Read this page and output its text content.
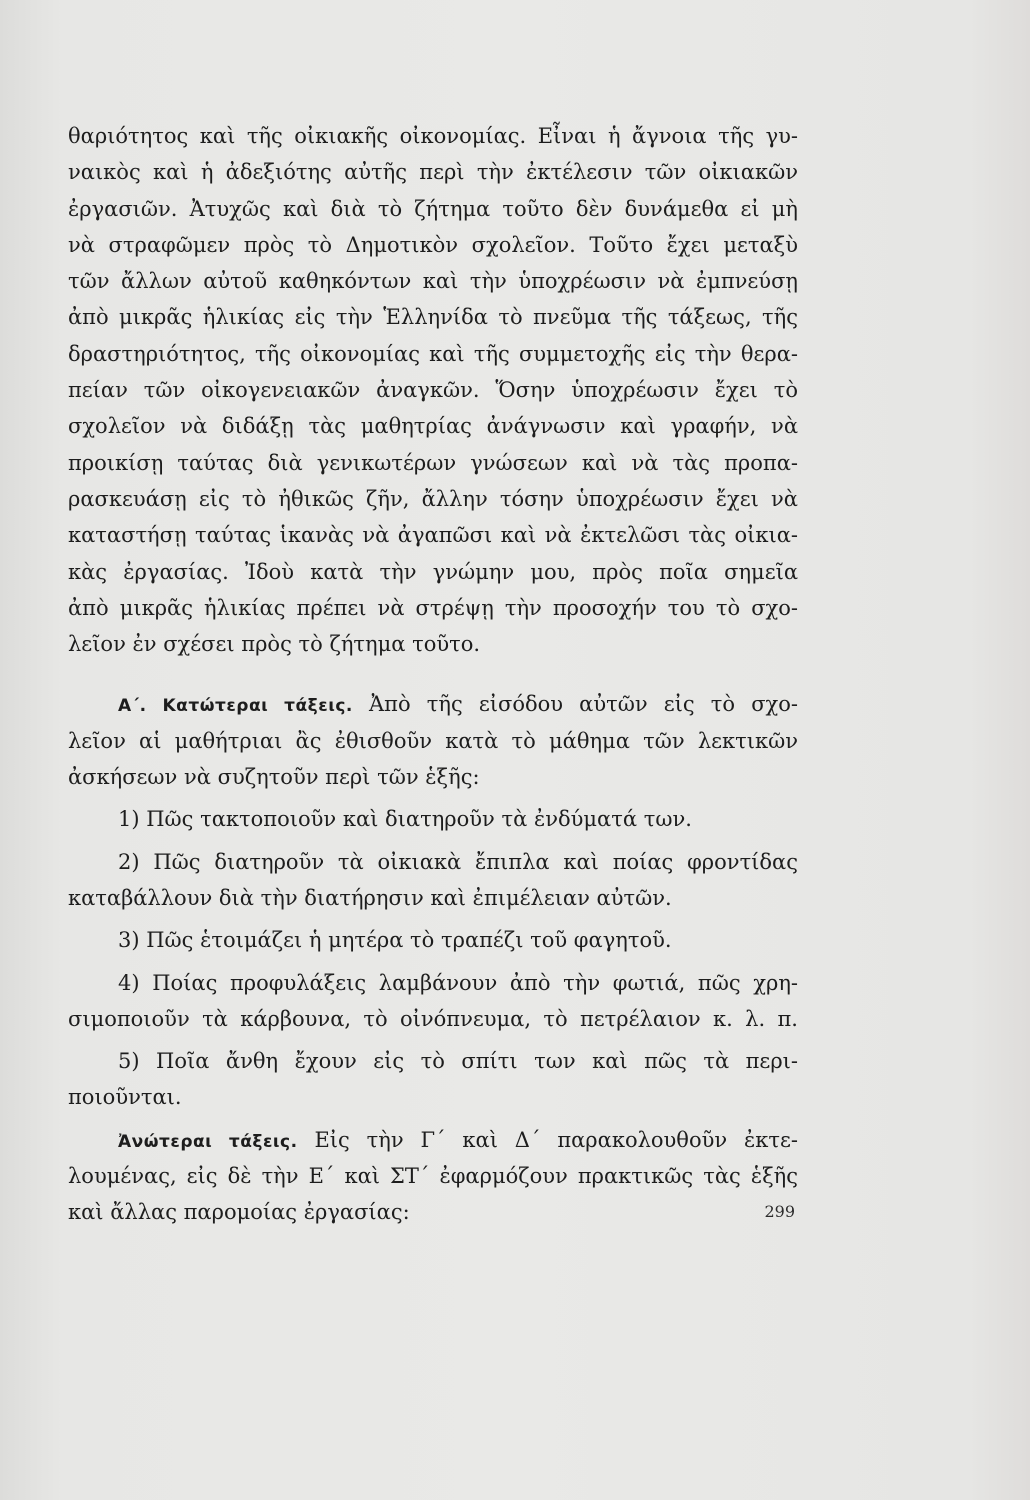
θαριότητος καὶ τῆς οἰκιακῆς οἰκονομίας. Εἶναι ἡ ἄγνοια τῆς γυ-
ναικὸς καὶ ἡ ἀδεξιότης αὐτῆς περὶ τὴν ἐκτέλεσιν τῶν οἰκιακῶν
ἐργασιῶν. Ἀτυχῶς καὶ διὰ τὸ ζήτημα τοῦτο δὲν δυνάμεθα εἰ μὴ
νὰ στραφῶμεν πρὸς τὸ Δημοτικὸν σχολεῖον. Τοῦτο ἔχει μεταξὺ
τῶν ἄλλων αὐτοῦ καθηκόντων καὶ τὴν ὑποχρέωσιν νὰ ἐμπνεύσῃ
ἀπὸ μικρᾶς ἡλικίας εἰς τὴν Ἑλληνίδα τὸ πνεῦμα τῆς τάξεως, τῆς
δραστηριότητος, τῆς οἰκονομίας καὶ τῆς συμμετοχῆς εἰς τὴν θερα-
πείαν τῶν οἰκογενειακῶν ἀναγκῶν. Ὅσην ὑποχρέωσιν ἔχει τὸ
σχολεῖον νὰ διδάξῃ τὰς μαθητρίας ἀνάγνωσιν καὶ γραφήν, νὰ
προικίσῃ ταύτας διὰ γενικωτέρων γνώσεων καὶ νὰ τὰς προπα-
ρασκευάσῃ εἰς τὸ ἠθικῶς ζῆν, ἄλλην τόσην ὑποχρέωσιν ἔχει νὰ
καταστήσῃ ταύτας ἱκανὰς νὰ ἀγαπῶσι καὶ νὰ ἐκτελῶσι τὰς οἰκια-
κὰς ἐργασίας. Ἰδοὺ κατὰ τὴν γνώμην μου, πρὸς ποῖα σημεῖα
ἀπὸ μικρᾶς ἡλικίας πρέπει νὰ στρέψῃ τὴν προσοχήν του τὸ σχο-
λεῖον ἐν σχέσει πρὸς τὸ ζήτημα τοῦτο.
Α΄. Κατώτεραι τάξεις. Ἀπὸ τῆς εἰσόδου αὐτῶν εἰς τὸ σχο-
λεῖον αἱ μαθήτριαι ἂς ἐθισθοῦν κατὰ τὸ μάθημα τῶν λεκτικῶν
ἀσκήσεων νὰ συζητοῦν περὶ τῶν ἑξῆς:
1) Πῶς τακτοποιοῦν καὶ διατηροῦν τὰ ἐνδύματά των.
2) Πῶς διατηροῦν τὰ οἰκιακὰ ἔπιπλα καὶ ποίας φροντίδας
καταβάλλουν διὰ τὴν διατήρησιν καὶ ἐπιμέλειαν αὐτῶν.
3) Πῶς ἑτοιμάζει ἡ μητέρα τὸ τραπέζι τοῦ φαγητοῦ.
4) Ποίας προφυλάξεις λαμβάνουν ἀπὸ τὴν φωτιά, πῶς χρη-
σιμοποιοῦν τὰ κάρβουνα, τὸ οἰνόπνευμα, τὸ πετρέλαιον κ. λ. π.
5) Ποῖα ἄνθη ἔχουν εἰς τὸ σπίτι των καὶ πῶς τὰ περι-
ποιοῦνται.
Ἀνώτεραι τάξεις. Εἰς τὴν Γ΄ καὶ Δ΄ παρακολουθοῦν ἐκτε-
λουμένας, εἰς δὲ τὴν Ε΄ καὶ ΣΤ΄ ἐφαρμόζουν πρακτικῶς τὰς ἑξῆς
καὶ ἄλλας παρομοίας ἐργασίας:	299
